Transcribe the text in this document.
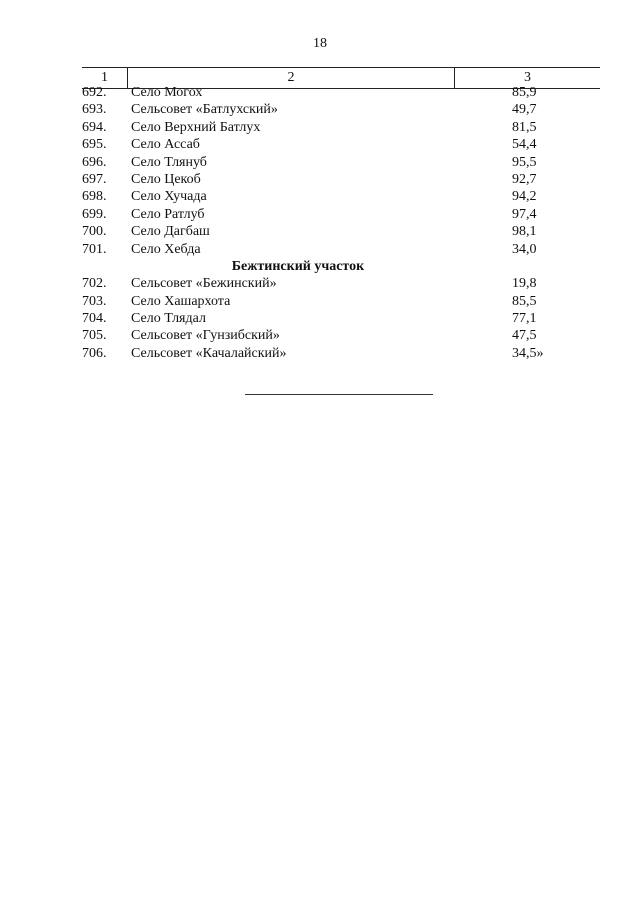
18
1	2	3
692.	Село Могох	85,9
693.	Сельсовет «Батлухский»	49,7
694.	Село Верхний Батлух	81,5
695.	Село Ассаб	54,4
696.	Село Тлянуб	95,5
697.	Село Цекоб	92,7
698.	Село Хучада	94,2
699.	Село Ратлуб	97,4
700.	Село Дагбаш	98,1
701.	Село Хебда	34,0
Бежтинский участок
702.	Сельсовет «Бежинский»	19,8
703.	Село Хашархота	85,5
704.	Село Тлядал	77,1
705.	Сельсовет «Гунзибский»	47,5
706.	Сельсовет «Качалайский»	34,5»
